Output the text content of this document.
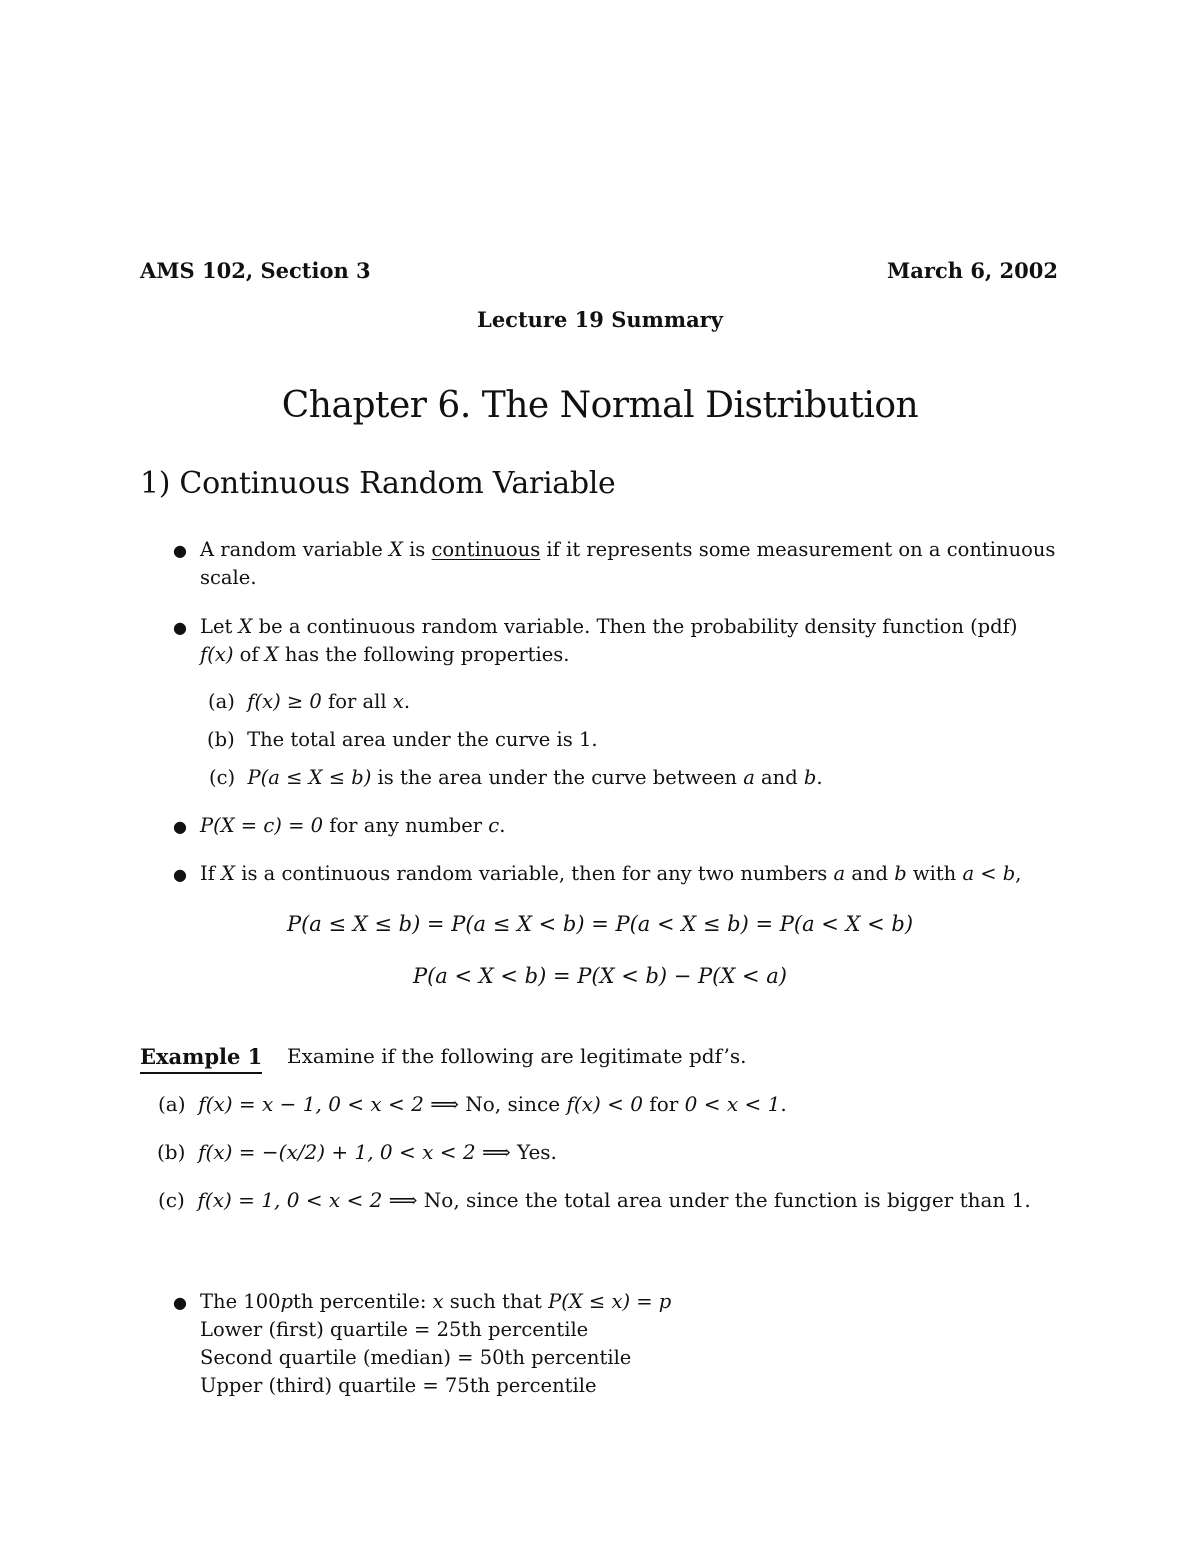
AMS 102, Section 3	March 6, 2002
Lecture 19 Summary
Chapter 6. The Normal Distribution
1) Continuous Random Variable
● A random variable X is continuous if it represents some measurement on a continuous
scale.
● Let X be a continuous random variable. Then the probability density function (pdf)
f(x) of X has the following properties.
(a) f(x) ≥ 0 for all x.
(b) The total area under the curve is 1.
(c) P(a ≤ X ≤ b) is the area under the curve between a and b.
● P(X = c) = 0 for any number c.
● If X is a continuous random variable, then for any two numbers a and b with a < b,
P(a ≤ X ≤ b) = P(a ≤ X < b) = P(a < X ≤ b) = P(a < X < b)
P(a < X < b) = P(X < b) − P(X < a)
Example 1 Examine if the following are legitimate pdf’s.
(a) f(x) = x − 1, 0 < x < 2 ⟹ No, since f(x) < 0 for 0 < x < 1.
(b) f(x) = −(x/2) + 1, 0 < x < 2 ⟹ Yes.
(c) f(x) = 1, 0 < x < 2 ⟹ No, since the total area under the function is bigger than 1.
● The 100pth percentile: x such that P(X ≤ x) = p
Lower (first) quartile = 25th percentile
Second quartile (median) = 50th percentile
Upper (third) quartile = 75th percentile
